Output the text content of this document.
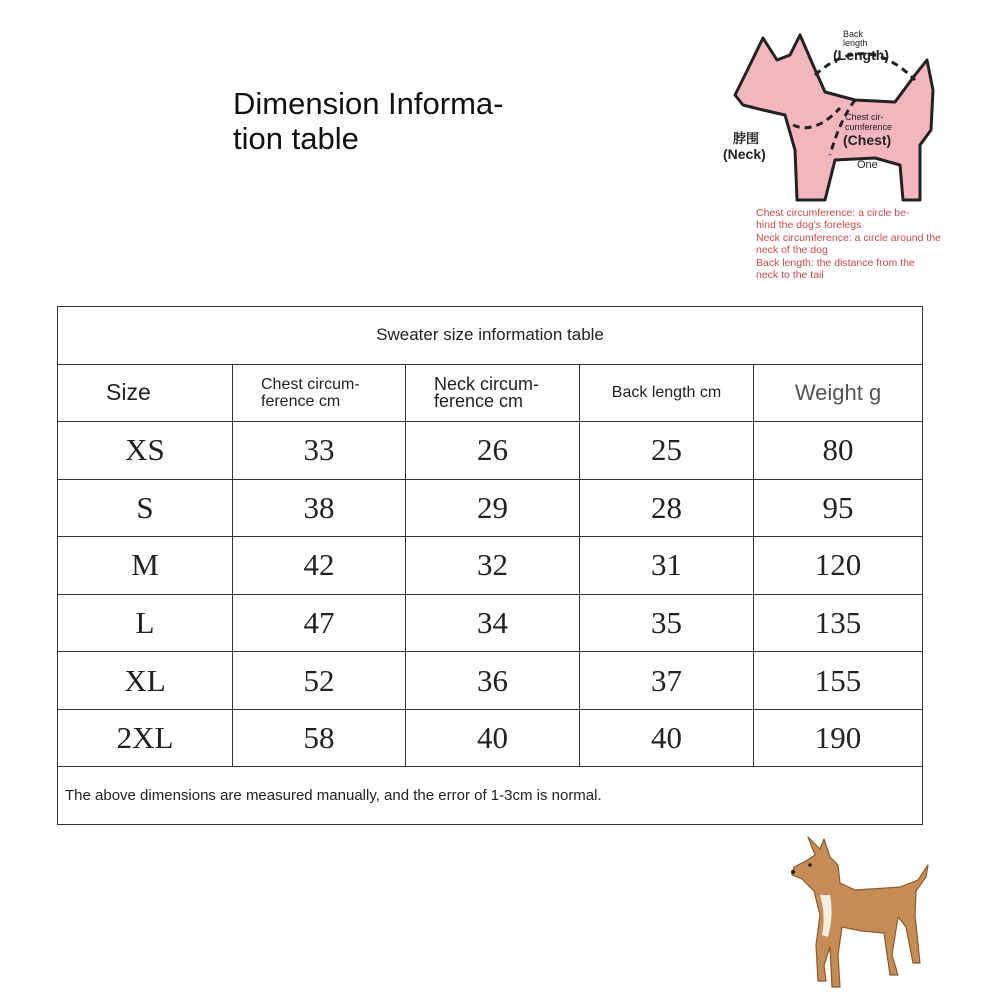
Dimension Informa-
tion table
Back length
(Length)
Chest cir-cumference
(Chest)
脖围
(Neck)
One
Chest circumference: a circle be-
hind the dog's forelegs
Neck circumference: a circle around the
neck of the dog
Back length: the distance from the
neck to the tail
Sweater size information table				
Size	Chest circum-
ference cm	Neck circum-
ference cm	Back length cm	Weight g
XS	33	26	25	80
S	38	29	28	95
M	42	32	31	120
L	47	34	35	135
XL	52	36	37	155
2XL	58	40	40	190
The above dimensions are measured manually, and the error of 1-3cm is normal.				
